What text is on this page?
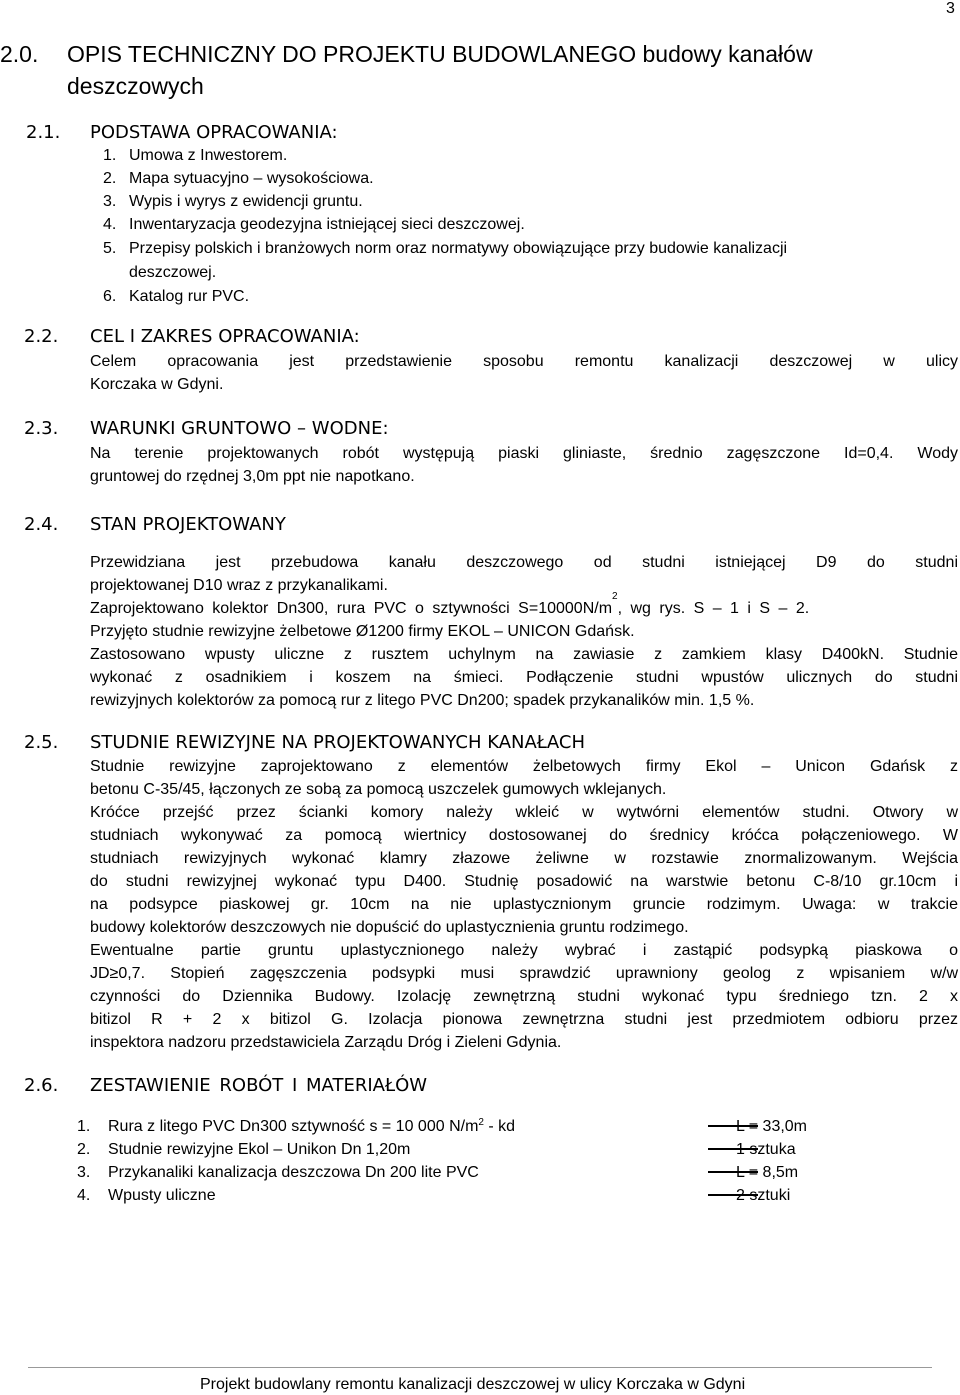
3
2.0. OPIS TECHNICZNY DO PROJEKTU BUDOWLANEGO budowy kanałów
deszczowych
2.1. PODSTAWA OPRACOWANIA:
1. Umowa z Inwestorem.
2. Mapa sytuacyjno – wysokościowa.
3. Wypis i wyrys z ewidencji gruntu.
4. Inwentaryzacja geodezyjna istniejącej sieci deszczowej.
5. Przepisy polskich i branżowych norm oraz normatywy obowiązujące przy budowie kanalizacji
deszczowej.
6. Katalog rur PVC.
2.2. CEL I ZAKRES OPRACOWANIA:
Celem opracowania jest przedstawienie sposobu remontu kanalizacji deszczowej w ulicy
Korczaka w Gdyni.
2.3. WARUNKI GRUNTOWO – WODNE:
Na terenie projektowanych robót występują piaski gliniaste, średnio zagęszczone Id=0,4. Wody
gruntowej do rzędnej 3,0m ppt nie napotkano.
2.4. STAN PROJEKTOWANY
Przewidziana jest przebudowa kanału deszczowego od studni istniejącej D9 do studni
projektowanej D10 wraz z przykanalikami.
Zaprojektowano kolektor Dn300, rura PVC o sztywności S=10000N/m
2
, wg rys. S – 1 i S – 2.
Przyjęto studnie rewizyjne żelbetowe Ø1200 firmy EKOL – UNICON Gdańsk.
Zastosowano wpusty uliczne z rusztem uchylnym na zawiasie z zamkiem klasy D400kN. Studnie
wykonać z osadnikiem i koszem na śmieci. Podłączenie studni wpustów ulicznych do studni
rewizyjnych kolektorów za pomocą rur z litego PVC Dn200; spadek przykanalików min. 1,5 %.
2.5. STUDNIE REWIZYJNE NA PROJEKTOWANYCH KANAŁACH
Studnie rewizyjne zaprojektowano z elementów żelbetowych firmy Ekol – Unicon Gdańsk z
betonu C-35/45, łączonych ze sobą za pomocą uszczelek gumowych wklejanych.
Króćce przejść przez ścianki komory należy wkleić w wytwórni elementów studni. Otwory w
studniach wykonywać za pomocą wiertnicy dostosowanej do średnicy króćca połączeniowego. W
studniach rewizyjnych wykonać klamry złazowe żeliwne w rozstawie znormalizowanym. Wejścia
do studni rewizyjnej wykonać typu D400. Studnię posadowić na warstwie betonu C-8/10 gr.10cm i
na podsypce piaskowej gr. 10cm na nie uplastycznionym gruncie rodzimym. Uwaga: w trakcie
budowy kolektorów deszczowych nie dopuścić do uplastycznienia gruntu rodzimego.
Ewentualne partie gruntu uplastycznionego należy wybrać i zastąpić podsypką piaskowa o
JD≥0,7. Stopień zagęszczenia podsypki musi sprawdzić uprawniony geolog z wpisaniem w/w
czynności do Dziennika Budowy. Izolację zewnętrzną studni wykonać typu średniego tzn. 2 x
bitizol R + 2 x bitizol G. Izolacja pionowa zewnętrzna studni jest przedmiotem odbioru przez
inspektora nadzoru przedstawiciela Zarządu Dróg i Zieleni Gdynia.
2.6. ZESTAWIENIE ROBÓT I MATERIAŁÓW
1. Rura z litego PVC Dn300 sztywność s = 10 000 $N/m^2$ - kd	L = 33,0m
2. Studnie rewizyjne Ekol – Unikon Dn 1,20m	1 sztuka
3. Przykanaliki kanalizacja deszczowa Dn 200 lite PVC	L = 8,5m
4. Wpusty uliczne	2 sztuki
Projekt budowlany remontu kanalizacji deszczowej w ulicy Korczaka w Gdyni
